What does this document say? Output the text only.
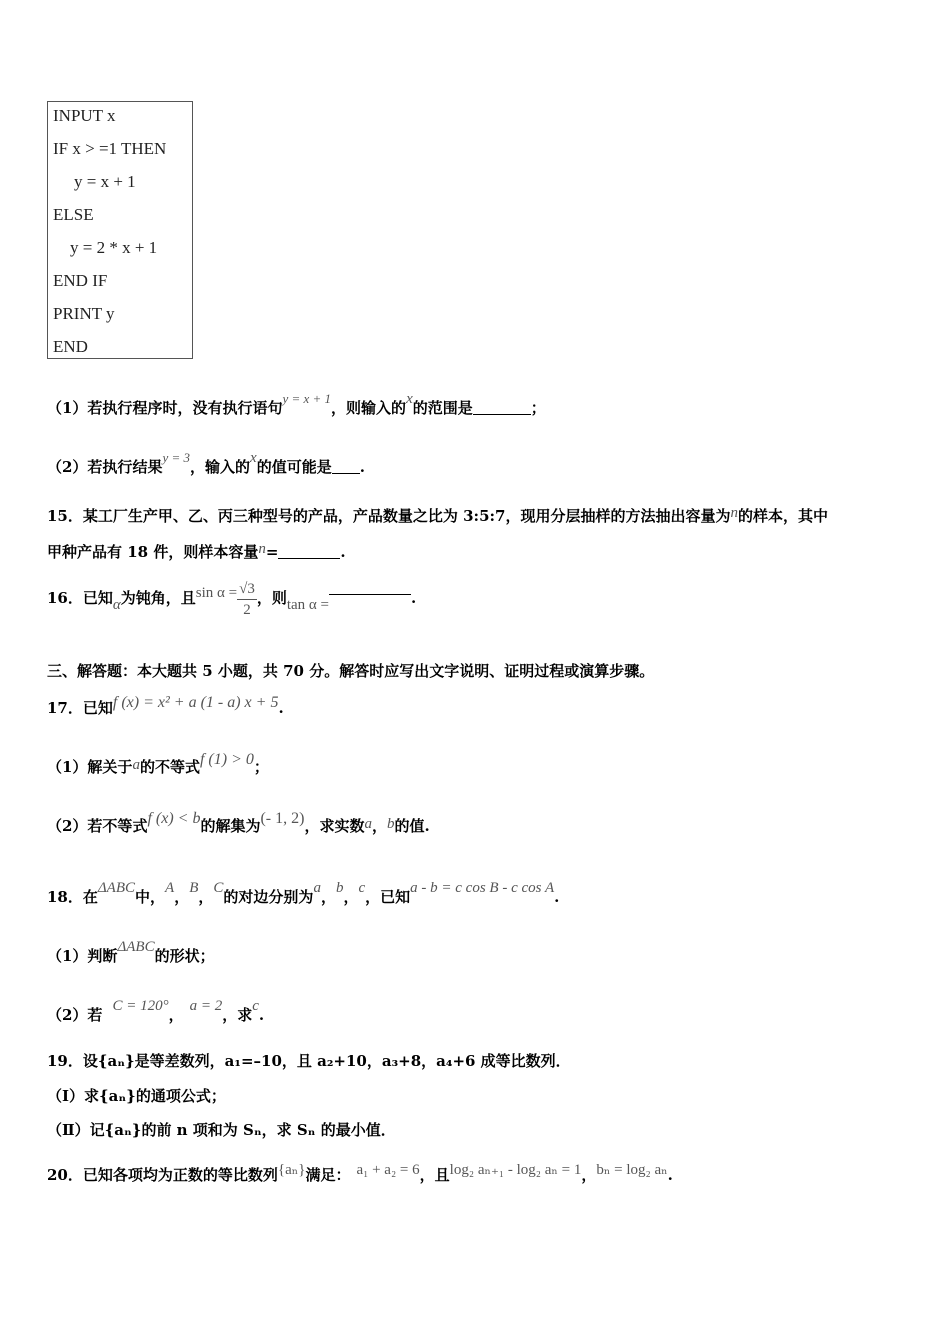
INPUT x
IF x > =1 THEN
y = x + 1
ELSE
y = 2 * x + 1
END IF
PRINT y
END
（1）若执行程序时，没有执行语句y = x + 1，则输入的x的范围是	；
（2）若执行结果y = 3，输入的x的值可能是 .
15．某工厂生产甲、乙、丙三种型号的产品，产品数量之比为 3:5:7，现用分层抽样的方法抽出容量为n的样本，其中
甲种产品有 18 件，则样本容量n=	.
16．已知α为钝角，且$\sin \alpha = \frac{√3}{2}$ ，则tan α =	.
三、解答题：本大题共 5 小题，共 70 分。解答时应写出文字说明、证明过程或演算步骤。
17．已知f (x) = x² + a (1 - a) x + 5.
（1）解关于a的不等式f (1) > 0；
（2）若不等式f (x) < b的解集为(- 1, 2)，求实数a，b的值.
18．在ΔABC中，A，B，C的对边分别为a，b，c，已知a - b = c cos B - c cos A.
（1）判断ΔABC的形状；
（2）若 C = 120°， a = 2，求c.
19．设{aₙ}是等差数列，a₁=–10，且 a₂+10，a₃+8，a₄+6 成等比数列．
（Ⅰ）求{aₙ}的通项公式；
（Ⅱ）记{aₙ}的前 n 项和为 Sₙ，求 Sₙ 的最小值．
20．已知各项均为正数的等比数列{aₙ}满足： a₁ + a₂ = 6，且log₂ aₙ₊₁ - log₂ aₙ = 1，bₙ = log₂ aₙ.
